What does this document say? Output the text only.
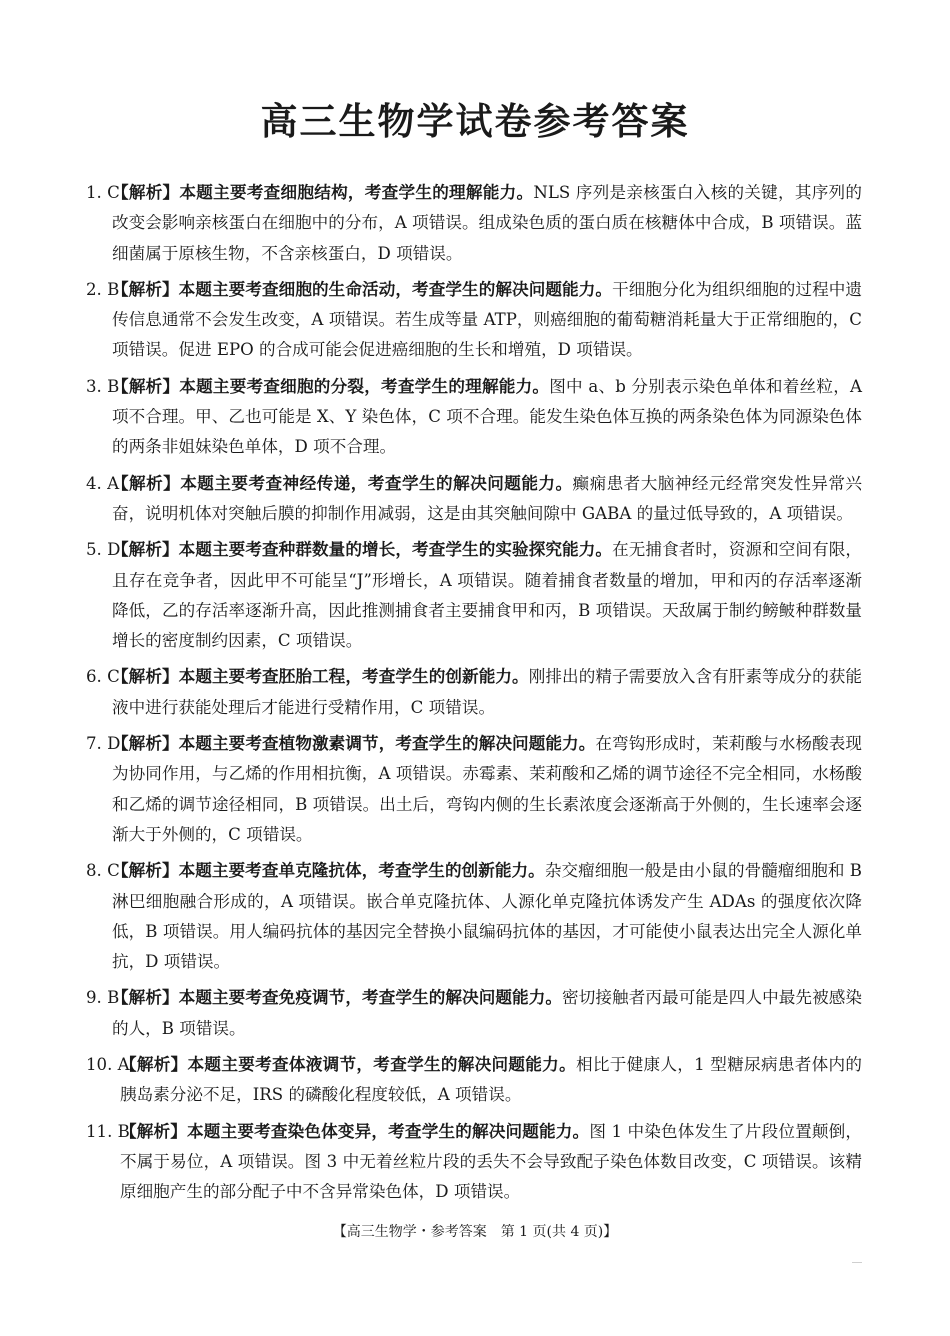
高三生物学试卷参考答案
1. C
【解析】本题主要考查细胞结构，考查学生的理解能力。NLS 序列是亲核蛋白入核的关键，其序列的改变会影响亲核蛋白在细胞中的分布，A 项错误。组成染色质的蛋白质在核糖体中合成，B 项错误。蓝细菌属于原核生物，不含亲核蛋白，D 项错误。
2. B
【解析】本题主要考查细胞的生命活动，考查学生的解决问题能力。干细胞分化为组织细胞的过程中遗传信息通常不会发生改变，A 项错误。若生成等量 ATP，则癌细胞的葡萄糖消耗量大于正常细胞的，C 项错误。促进 EPO 的合成可能会促进癌细胞的生长和增殖，D 项错误。
3. B
【解析】本题主要考查细胞的分裂，考查学生的理解能力。图中 a、b 分别表示染色单体和着丝粒，A 项不合理。甲、乙也可能是 X、Y 染色体，C 项不合理。能发生染色体互换的两条染色体为同源染色体的两条非姐妹染色单体，D 项不合理。
4. A
【解析】本题主要考查神经传递，考查学生的解决问题能力。癫痫患者大脑神经元经常突发性异常兴奋，说明机体对突触后膜的抑制作用减弱，这是由其突触间隙中 GABA 的量过低导致的，A 项错误。
5. D
【解析】本题主要考查种群数量的增长，考查学生的实验探究能力。在无捕食者时，资源和空间有限，且存在竞争者，因此甲不可能呈“J”形增长，A 项错误。随着捕食者数量的增加，甲和丙的存活率逐渐降低，乙的存活率逐渐升高，因此推测捕食者主要捕食甲和丙，B 项错误。天敌属于制约鳑鲏种群数量增长的密度制约因素，C 项错误。
6. C
【解析】本题主要考查胚胎工程，考查学生的创新能力。刚排出的精子需要放入含有肝素等成分的获能液中进行获能处理后才能进行受精作用，C 项错误。
7. D
【解析】本题主要考查植物激素调节，考查学生的解决问题能力。在弯钩形成时，茉莉酸与水杨酸表现为协同作用，与乙烯的作用相抗衡，A 项错误。赤霉素、茉莉酸和乙烯的调节途径不完全相同，水杨酸和乙烯的调节途径相同，B 项错误。出土后，弯钩内侧的生长素浓度会逐渐高于外侧的，生长速率会逐渐大于外侧的，C 项错误。
8. C
【解析】本题主要考查单克隆抗体，考查学生的创新能力。杂交瘤细胞一般是由小鼠的骨髓瘤细胞和 B 淋巴细胞融合形成的，A 项错误。嵌合单克隆抗体、人源化单克隆抗体诱发产生 ADAs 的强度依次降低，B 项错误。用人编码抗体的基因完全替换小鼠编码抗体的基因，才可能使小鼠表达出完全人源化单抗，D 项错误。
9. B
【解析】本题主要考查免疫调节，考查学生的解决问题能力。密切接触者丙最可能是四人中最先被感染的人，B 项错误。
10. A
【解析】本题主要考查体液调节，考查学生的解决问题能力。相比于健康人，1 型糖尿病患者体内的胰岛素分泌不足，IRS 的磷酸化程度较低，A 项错误。
11. B
【解析】本题主要考查染色体变异，考查学生的解决问题能力。图 1 中染色体发生了片段位置颠倒，不属于易位，A 项错误。图 3 中无着丝粒片段的丢失不会导致配子染色体数目改变，C 项错误。该精原细胞产生的部分配子中不含异常染色体，D 项错误。
【高三生物学・参考答案　第 1 页(共 4 页)】
